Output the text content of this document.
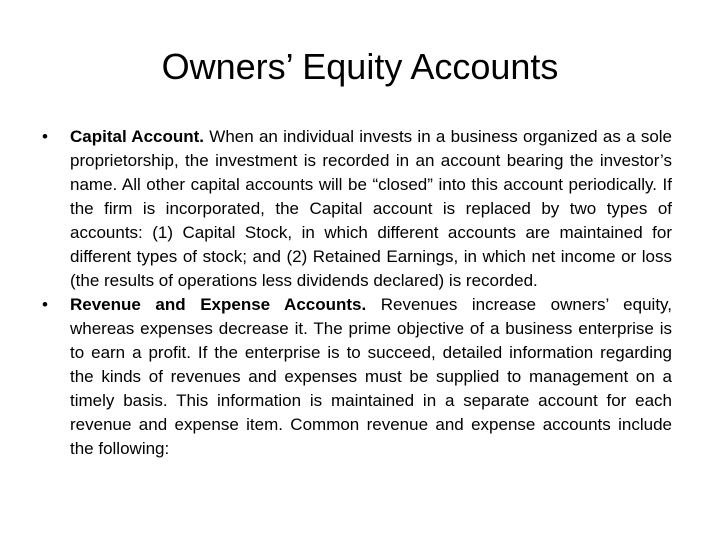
Owners’ Equity Accounts
•	Capital Account. When an individual invests in a business organized as a sole proprietorship, the investment is recorded in an account bearing the investor’s name. All other capital accounts will be “closed” into this account periodically. If the firm is incorporated, the Capital account is replaced by two types of accounts: (1) Capital Stock, in which different accounts are maintained for different types of stock; and (2) Retained Earnings, in which net income or loss (the results of operations less dividends declared) is recorded.
•	Revenue and Expense Accounts. Revenues increase owners’ equity, whereas expenses decrease it. The prime objective of a business enterprise is to earn a profit. If the enterprise is to succeed, detailed information regarding the kinds of revenues and expenses must be supplied to management on a timely basis. This information is maintained in a separate account for each revenue and expense item. Common revenue and expense accounts include the following:
